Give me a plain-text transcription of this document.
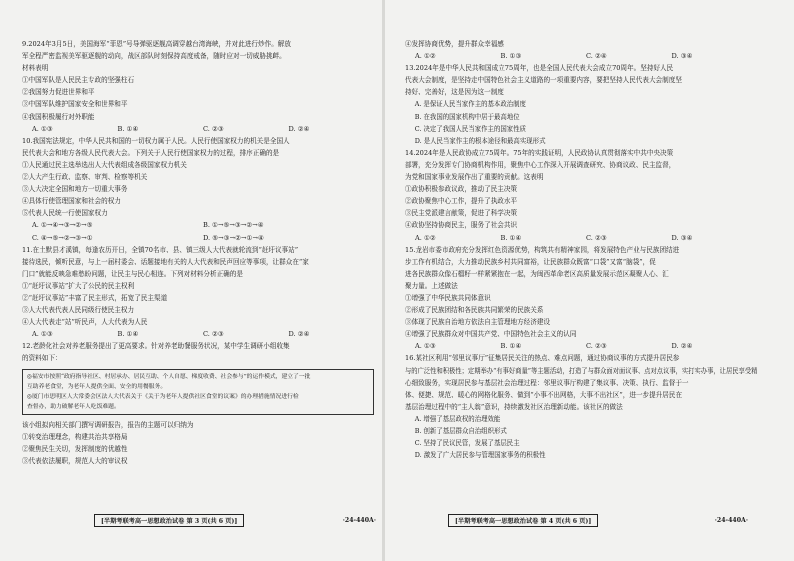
9.2024年3月5日，美国海军“菲恩”号导弹驱逐舰高调穿越台湾海峡，并对此进行炒作。解放

军全程严密监视美军驱逐舰的动向，战区部队时刻保持高度戒备，随时应对一切威胁挑衅。

材料表明

①中国军队是人民民主专政的坚强柱石

②我国努力促进世界和平

③中国军队维护国家安全和世界和平

④我国积极履行对外职能

A. ①③	B. ①④	C. ②③	D. ②④

10.我国宪法规定，中华人民共和国的一切权力属于人民。人民行使国家权力的机关是全国人

民代表大会和地方各级人民代表大会。下列关于人民行使国家权力的过程，排序正确的是

①人民通过民主选举选出人大代表组成各级国家权力机关

②人大产生行政、监察、审判、检察等机关

③人大决定全国和地方一切重大事务

④具体行使管理国家和社会的权力

⑤代表人民统一行使国家权力

A. ①→④→③→②→⑤	B. ①→⑤→③→②→④
C. ④→⑤→②→③→①	D. ⑤→③→②→①→④

11.在土默县才溪镇，每逢农历开日，全镇70名市、县、镇三级人大代表就轮流到“赶圩议事站”

接待选民，倾听民意，与上一届村委会、话题接地有关的人大代表和民声回应等事项，让群众在“家

门口”就能反映急难愁盼问题，让民主与民心相连。下列对材料分析正确的是

①“赶圩议事站”扩大了公民的民主权利

②“赶圩议事站”丰富了民主形式，拓宽了民主渠道

③人大代表代表人民同级行使民主权力

④人大代表走“站”听民声，人大代表为人民

A. ①③	B. ①④	C. ②③	D. ②④

12.老龄化社会对养老服务提出了更高要求。针对养老助餐服务状况，某中学生调研小组收集

的资料如下：

◎福安市按照“政府指导社区、村居承办、居民互助、个人自愿、梯度收费、社会参与”的运作模式，建立了一批
互助养老食堂，为老年人提供全面、安全的用餐服务。
◎厦门市思明区人大常委会区法人大代表关于《关于为老年人提供社区食堂的议案》的办理措施情况进行检
查督办，助力破解老年人吃饭难题。

该小组拟向相关部门撰写调研报告，报告的主题可以归纳为

①转变治理理念，构建共治共享格局

②聚焦民生关切，发挥制度的优越性

③代表依法履职，规范人大的审议权

[半期考联考高一思想政治试卷 第 3 页(共 6 页)]	·24-440A·

④发挥协商优势，提升群众幸福感

A. ①②	B. ①③	C. ②④	D. ③④

13.2024年是中华人民共和国成立75周年，也是全国人民代表大会成立70周年。坚持好人民

代表大会制度，是坚持走中国特色社会主义道路的一项重要内容，要把坚持人民代表大会制度坚

持好、完善好，这是因为这一制度

A. 是保证人民当家作主的基本政治制度

B. 在我国的国家机构中居于最高地位

C. 决定了我国人民当家作主的国家性质

D. 是人民当家作主的根本途径和最高实现形式

14.2024年是人民政协成立75周年。75年的实践证明，人民政协认真贯彻落实中共中央决策

部署，充分发挥专门协商机构作用，聚焦中心工作深入开展调查研究、协商议政、民主监督，

为党和国家事业发展作出了重要的贡献。这表明

①政协积极参政议政，推动了民主决策

②政协聚焦中心工作，提升了执政水平

③民主党派建言献策，促进了科学决策

④政协坚持协商民主，服务了社会共识

A. ①②	B. ①④	C. ②③	D. ③④

15.龙岩市委市政府充分发挥红色资源优势，构筑共有精神家园，将发展特色产业与民族团结进

步工作有机结合，大力推动民族乡村共同富裕，让民族群众既富“口袋”又富“脑袋”，促

进各民族群众像石榴籽一样紧紧抱在一起，为闽西革命老区高质量发展示范区凝聚人心、汇

聚力量。上述做法

①增强了中华民族共同体意识

②形成了民族团结和各民族共同繁荣的民族关系

③体现了民族自治地方依法自主管理地方经济建设

④增强了民族群众对中国共产党、中国特色社会主义的认同

A. ①③	B. ①④	C. ②③	D. ②④

16.某社区利用“邻里议事厅”征集居民关注的热点、难点问题，通过协商议事的方式提升居民参

与的广泛性和积极性；定期举办“有事好商量”等主题活动，打造了与群众面对面议事、点对点议事，实打实办事，让居民享受精

心细致服务，实现居民参与基层社会治理过程：邻里议事厅构建了集议事、决策、执行、监督于一

体、便捷、规范、暖心的网格化服务、做到“小事不出网格，大事不出社区”，进一步提升居民在

基层治理过程中的“主人翁”意识，持续激发社区治理新动能。该社区的做法

A. 增强了基层政权的治理效能

B. 创新了基层群众自治组织形式

C. 坚持了民议民管，发展了基层民主

D. 激发了广大居民参与管理国家事务的积极性

[半期考联考高一思想政治试卷 第 4 页(共 6 页)]	·24-440A·
